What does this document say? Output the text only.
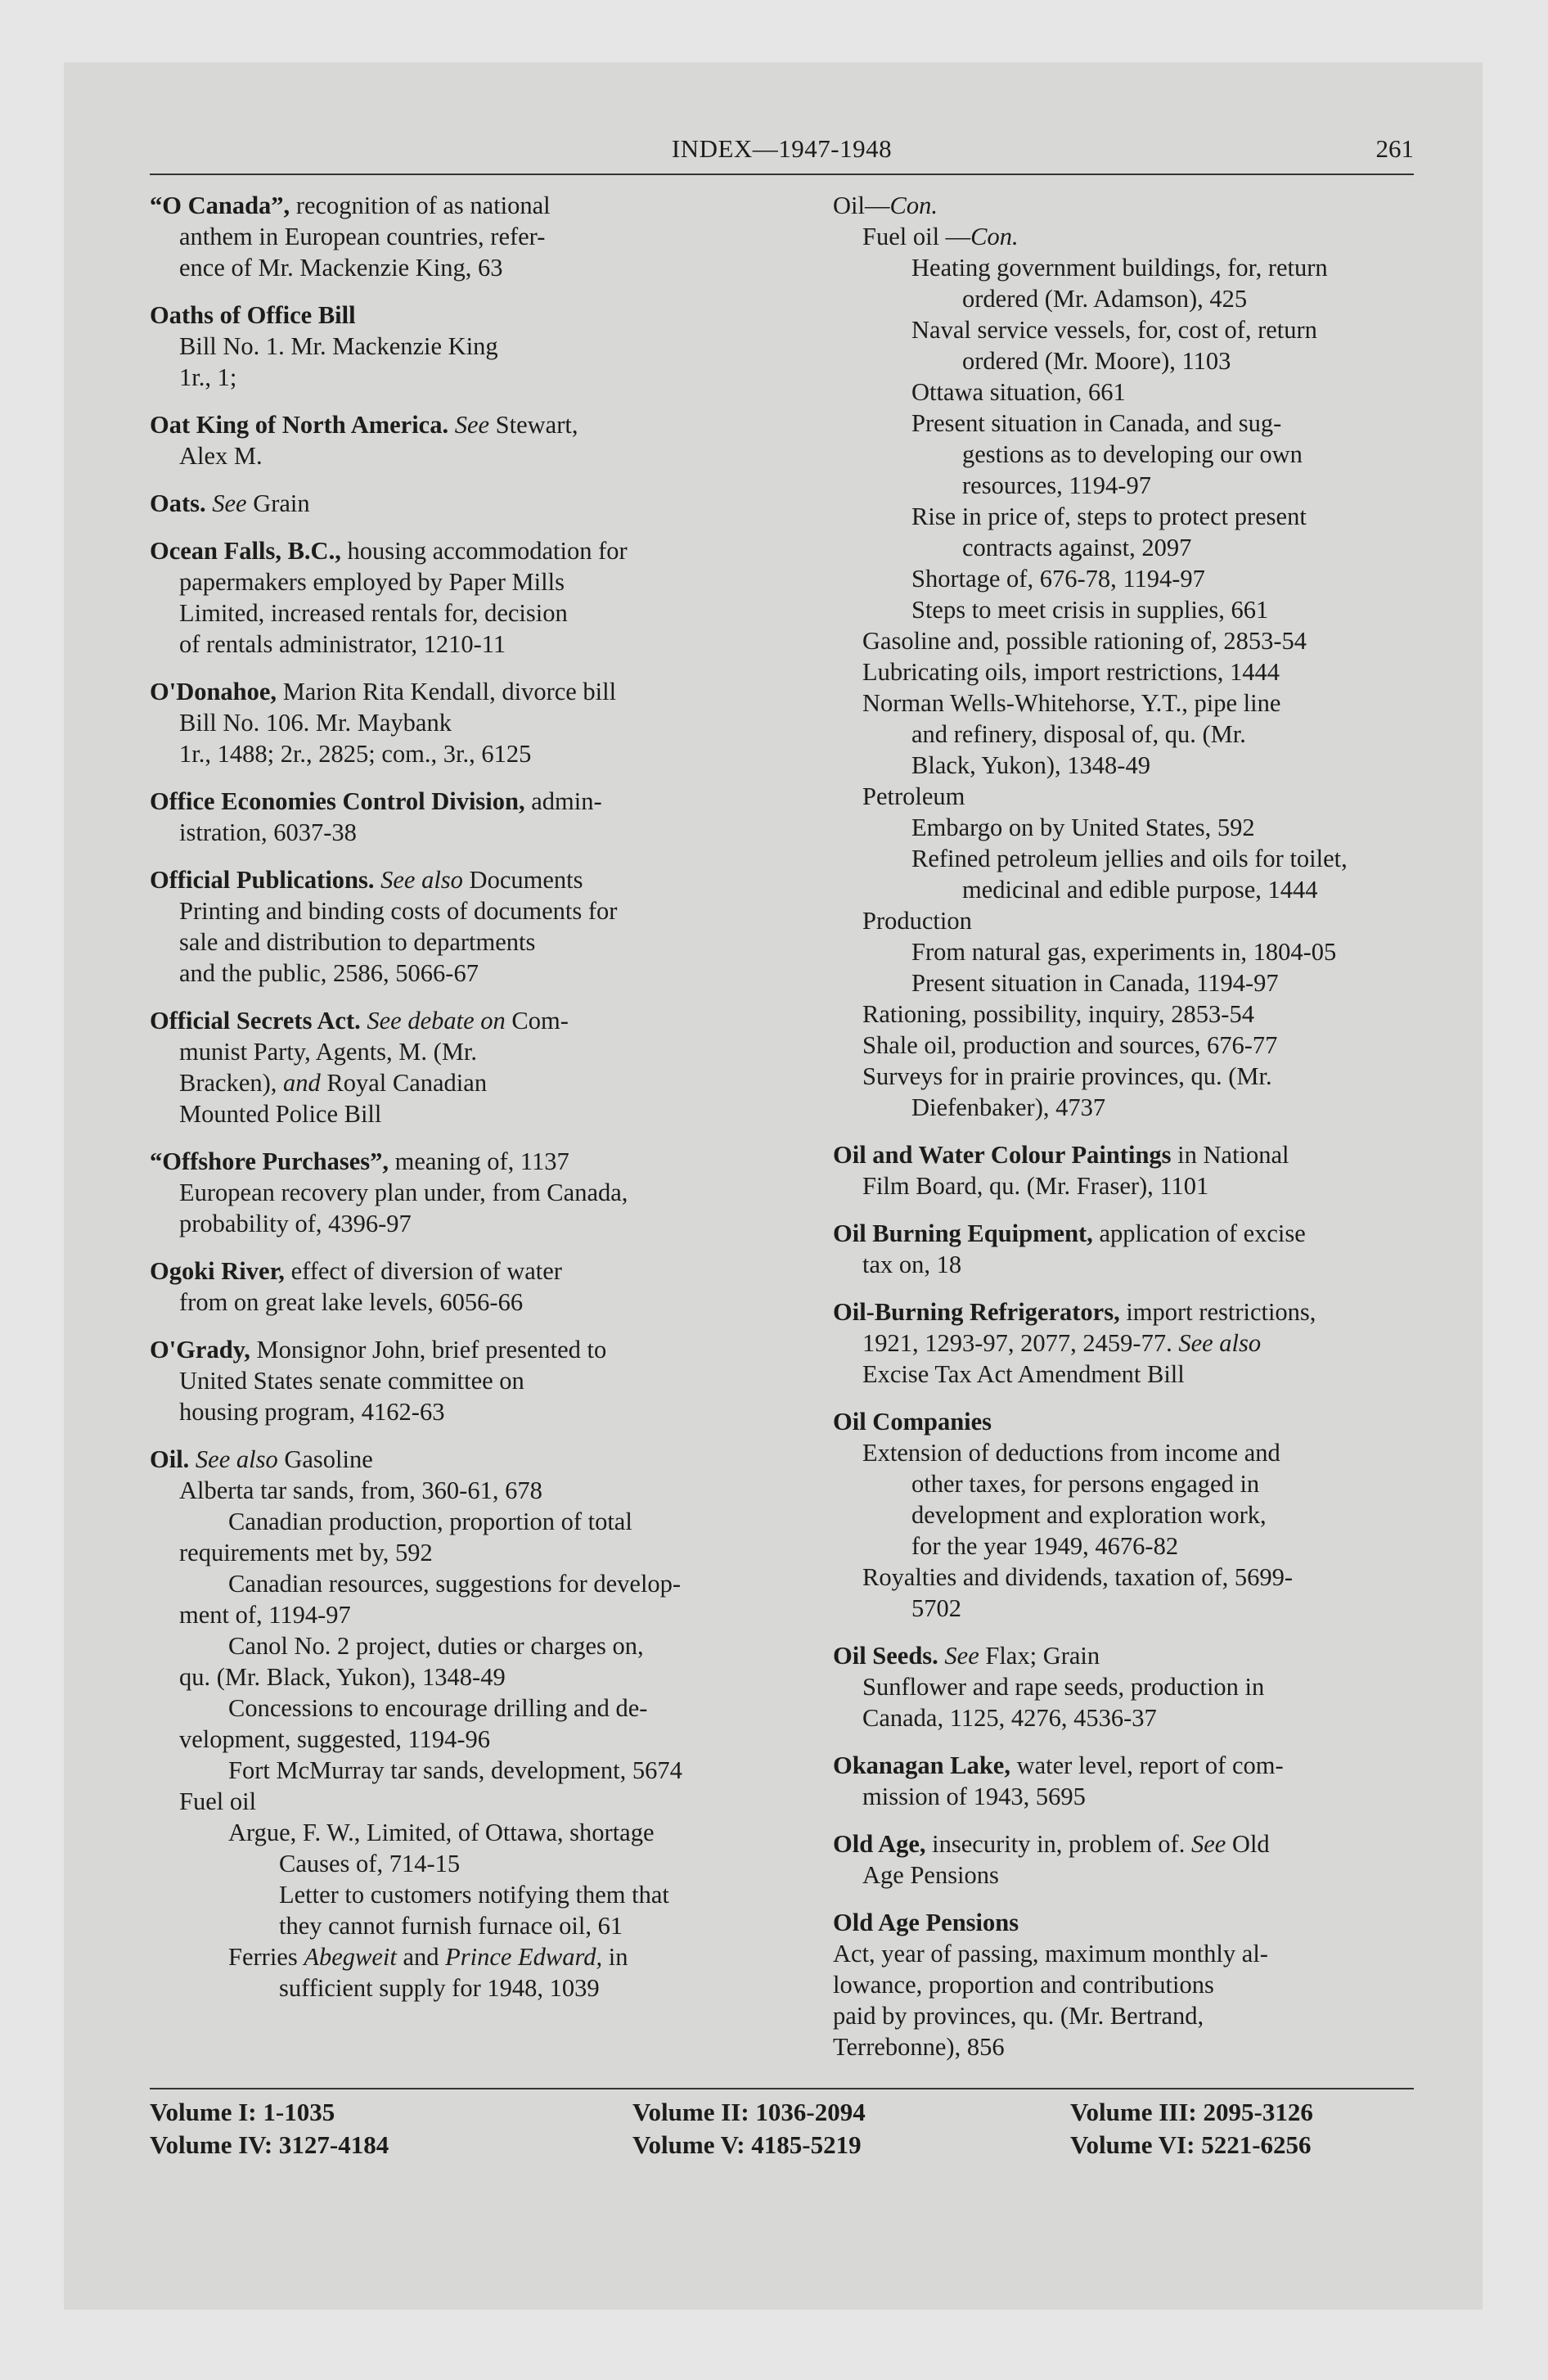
INDEX—1947-1948	261
“O Canada”, recognition of as national
anthem in European countries, refer-
ence of Mr. Mackenzie King, 63
Oaths of Office Bill
Bill No. 1. Mr. Mackenzie King
1r., 1;
Oat King of North America. See Stewart,
Alex M.
Oats. See Grain
Ocean Falls, B.C., housing accommodation for
papermakers employed by Paper Mills
Limited, increased rentals for, decision
of rentals administrator, 1210-11
O'Donahoe, Marion Rita Kendall, divorce bill
Bill No. 106. Mr. Maybank
1r., 1488; 2r., 2825; com., 3r., 6125
Office Economies Control Division, admin-
istration, 6037-38
Official Publications. See also Documents
Printing and binding costs of documents for
sale and distribution to departments
and the public, 2586, 5066-67
Official Secrets Act. See debate on Com-
munist Party, Agents, M. (Mr.
Bracken), and Royal Canadian
Mounted Police Bill
“Offshore Purchases”, meaning of, 1137
European recovery plan under, from Canada,
probability of, 4396-97
Ogoki River, effect of diversion of water
from on great lake levels, 6056-66
O'Grady, Monsignor John, brief presented to
United States senate committee on
housing program, 4162-63
Oil. See also Gasoline
Alberta tar sands, from, 360-61, 678
Canadian production, proportion of total
requirements met by, 592
Canadian resources, suggestions for develop-
ment of, 1194-97
Canol No. 2 project, duties or charges on,
qu. (Mr. Black, Yukon), 1348-49
Concessions to encourage drilling and de-
velopment, suggested, 1194-96
Fort McMurray tar sands, development, 5674
Fuel oil
Argue, F. W., Limited, of Ottawa, shortage
Causes of, 714-15
Letter to customers notifying them that
they cannot furnish furnace oil, 61
Ferries Abegweit and Prince Edward, in
sufficient supply for 1948, 1039
Oil—Con.
Fuel oil —Con.
Heating government buildings, for, return
ordered (Mr. Adamson), 425
Naval service vessels, for, cost of, return
ordered (Mr. Moore), 1103
Ottawa situation, 661
Present situation in Canada, and sug-
gestions as to developing our own
resources, 1194-97
Rise in price of, steps to protect present
contracts against, 2097
Shortage of, 676-78, 1194-97
Steps to meet crisis in supplies, 661
Gasoline and, possible rationing of, 2853-54
Lubricating oils, import restrictions, 1444
Norman Wells-Whitehorse, Y.T., pipe line
and refinery, disposal of, qu. (Mr.
Black, Yukon), 1348-49
Petroleum
Embargo on by United States, 592
Refined petroleum jellies and oils for toilet,
medicinal and edible purpose, 1444
Production
From natural gas, experiments in, 1804-05
Present situation in Canada, 1194-97
Rationing, possibility, inquiry, 2853-54
Shale oil, production and sources, 676-77
Surveys for in prairie provinces, qu. (Mr.
Diefenbaker), 4737
Oil and Water Colour Paintings in National
Film Board, qu. (Mr. Fraser), 1101
Oil Burning Equipment, application of excise
tax on, 18
Oil-Burning Refrigerators, import restrictions,
1921, 1293-97, 2077, 2459-77. See also
Excise Tax Act Amendment Bill
Oil Companies
Extension of deductions from income and
other taxes, for persons engaged in
development and exploration work,
for the year 1949, 4676-82
Royalties and dividends, taxation of, 5699-
5702
Oil Seeds. See Flax; Grain
Sunflower and rape seeds, production in
Canada, 1125, 4276, 4536-37
Okanagan Lake, water level, report of com-
mission of 1943, 5695
Old Age, insecurity in, problem of. See Old
Age Pensions
Old Age Pensions
Act, year of passing, maximum monthly al-
lowance, proportion and contributions
paid by provinces, qu. (Mr. Bertrand,
Terrebonne), 856
Volume I: 1-1035	Volume II: 1036-2094	Volume III: 2095-3126
Volume IV: 3127-4184	Volume V: 4185-5219	Volume VI: 5221-6256
